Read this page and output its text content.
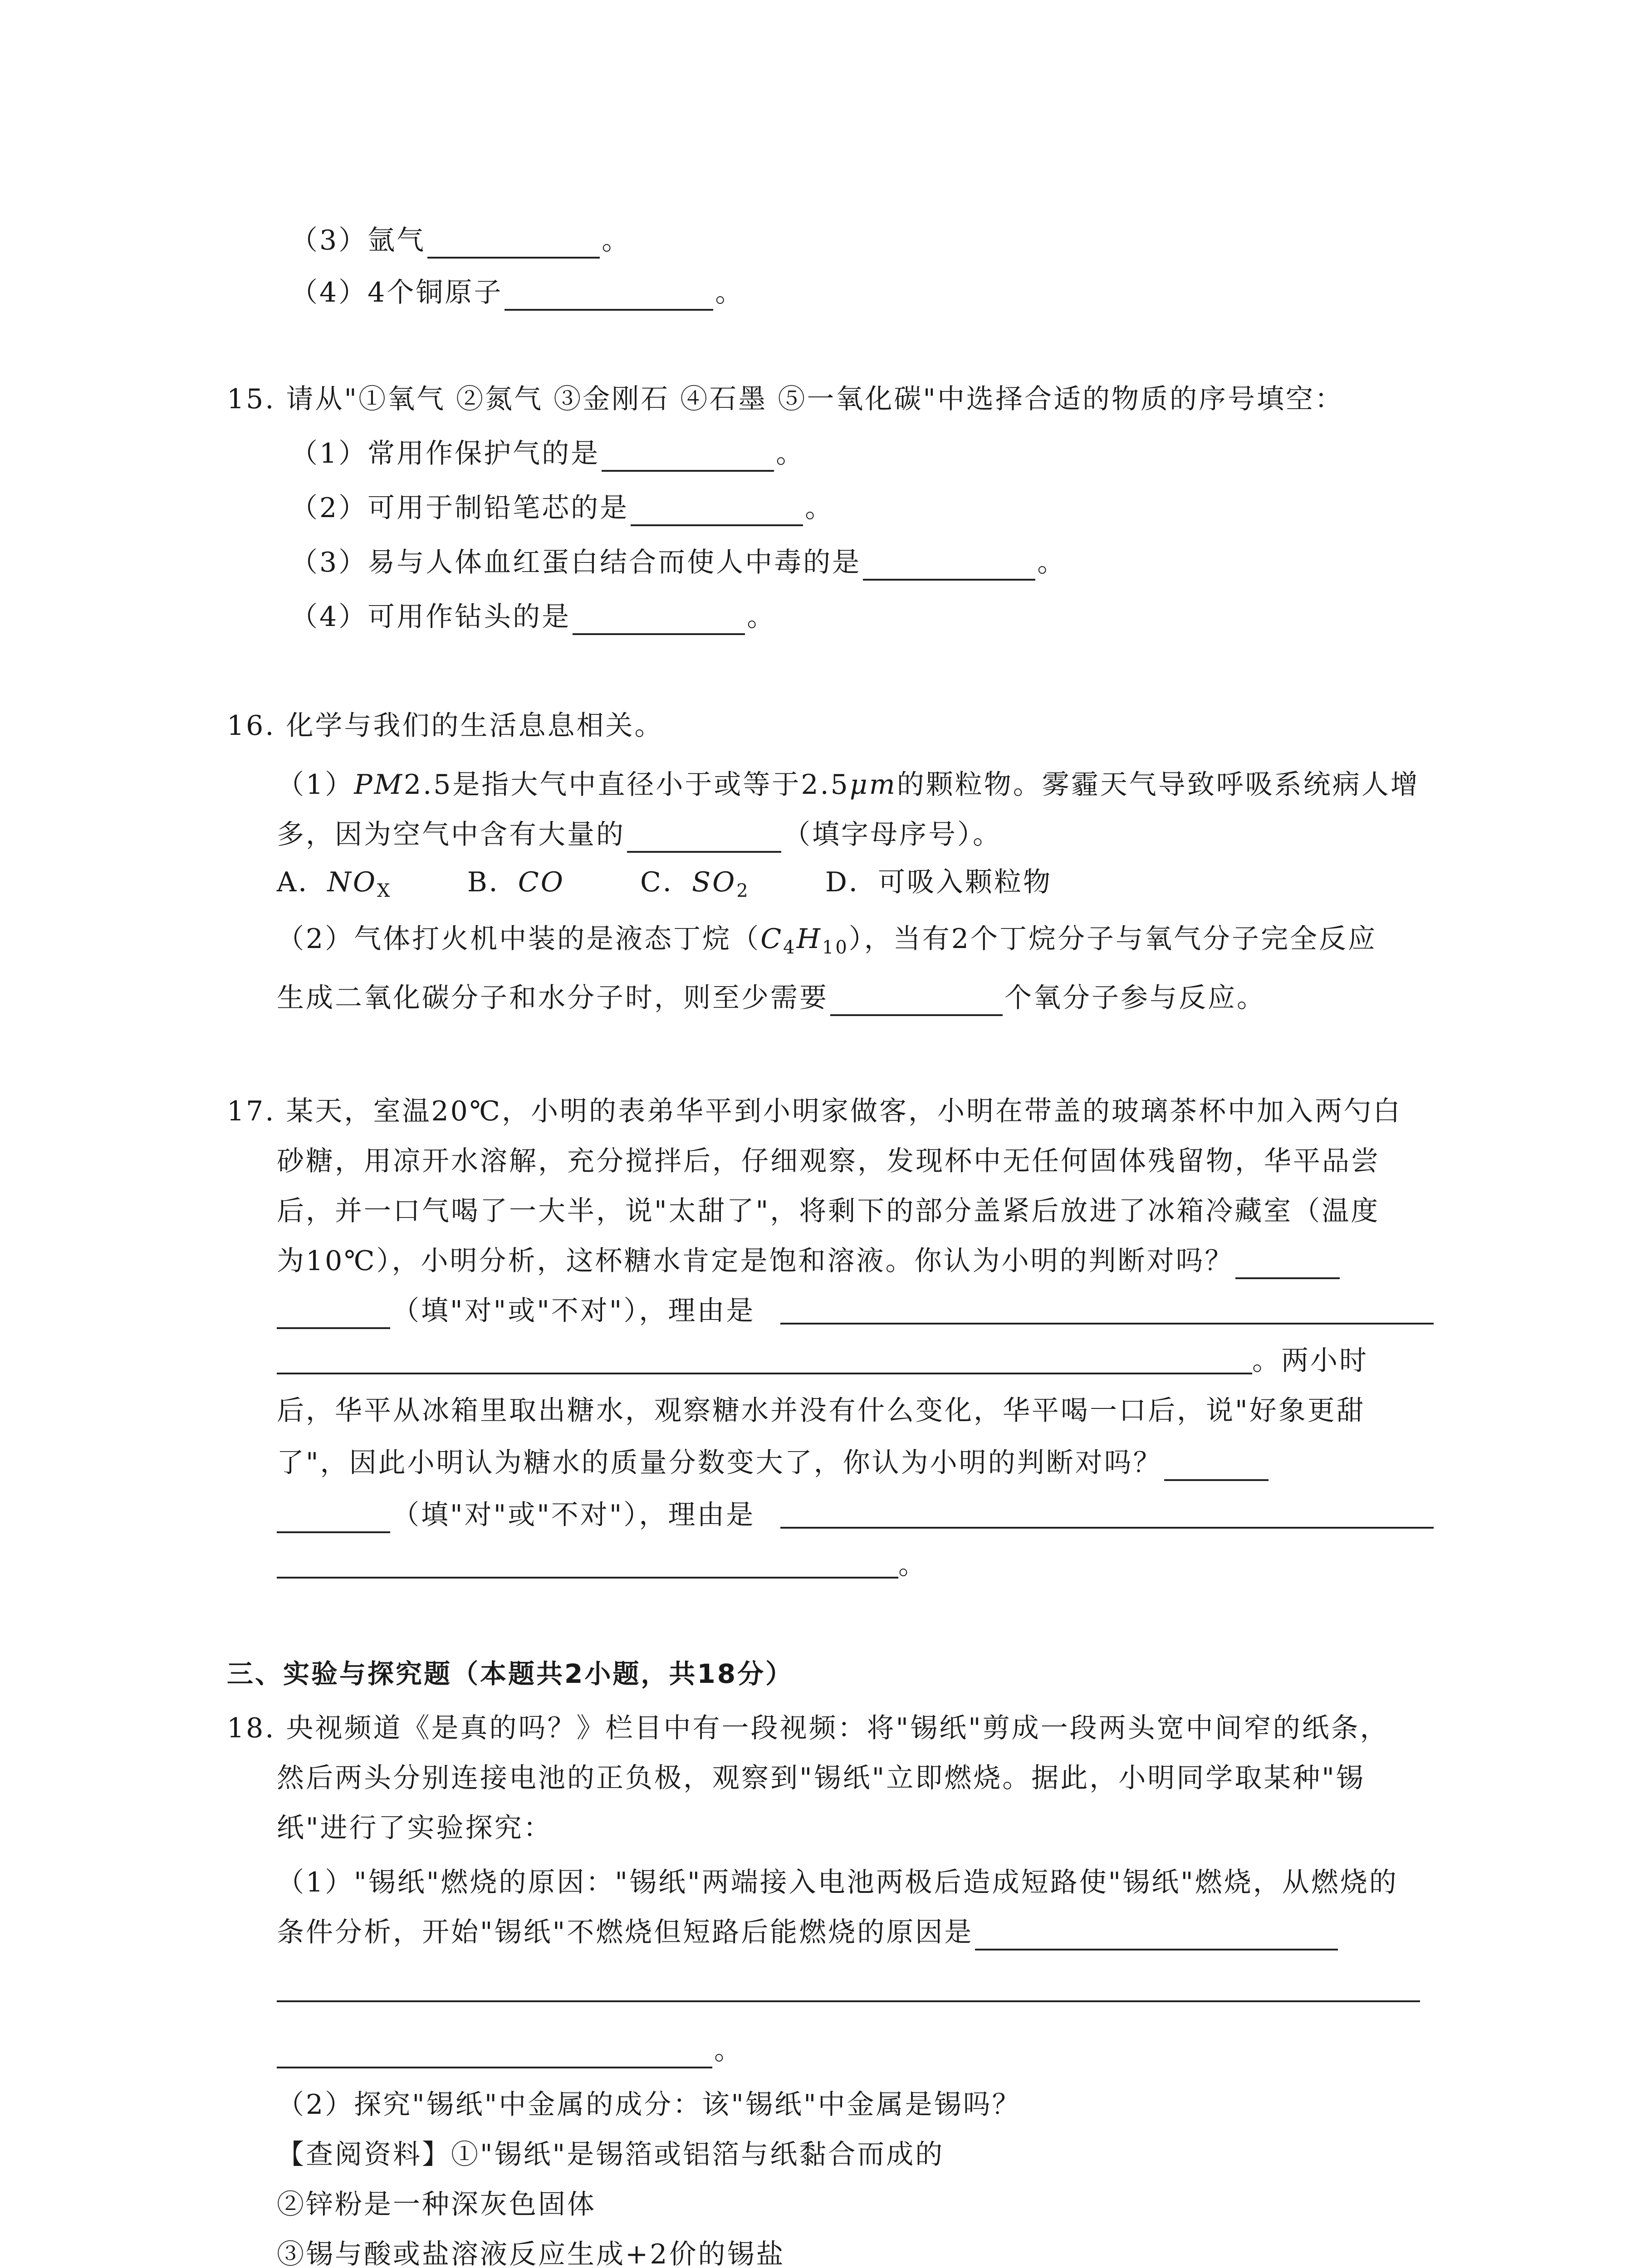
（3）氩气	。
（4）4个铜原子	。
15. 请从"①氧气 ②氮气 ③金刚石 ④石墨 ⑤一氧化碳"中选择合适的物质的序号填空：
（1）常用作保护气的是	。
（2）可用于制铅笔芯的是	。
（3）易与人体血红蛋白结合而使人中毒的是	。
（4）可用作钻头的是	。
16. 化学与我们的生活息息相关。
（1）PM2.5是指大气中直径小于或等于2.5μm的颗粒物。雾霾天气导致呼吸系统病人增
多，因为空气中含有大量的	（填字母序号）。
A．$NO_X$	B．CO	C．$SO_2$	D．可吸入颗粒物
（2）气体打火机中装的是液态丁烷$(C_4H_{10})$，当有2个丁烷分子与氧气分子完全反应
生成二氧化碳分子和水分子时，则至少需要	个氧分子参与反应。
17. 某天，室温20℃，小明的表弟华平到小明家做客，小明在带盖的玻璃茶杯中加入两勺白
砂糖，用凉开水溶解，充分搅拌后，仔细观察，发现杯中无任何固体残留物，华平品尝
后，并一口气喝了一大半，说"太甜了"，将剩下的部分盖紧后放进了冰箱冷藏室（温度
为10℃），小明分析，这杯糖水肯定是饱和溶液。你认为小明的判断对吗？
（填"对"或"不对"），理由是
。两小时
后，华平从冰箱里取出糖水，观察糖水并没有什么变化，华平喝一口后，说"好象更甜
了"，因此小明认为糖水的质量分数变大了，你认为小明的判断对吗？
（填"对"或"不对"），理由是
。
三、实验与探究题（本题共2小题，共18分）
18. 央视频道《是真的吗？》栏目中有一段视频：将"锡纸"剪成一段两头宽中间窄的纸条，
然后两头分别连接电池的正负极，观察到"锡纸"立即燃烧。据此，小明同学取某种"锡
纸"进行了实验探究：
（1）"锡纸"燃烧的原因："锡纸"两端接入电池两极后造成短路使"锡纸"燃烧，从燃烧的
条件分析，开始"锡纸"不燃烧但短路后能燃烧的原因是
。
（2）探究"锡纸"中金属的成分：该"锡纸"中金属是锡吗？
【查阅资料】①"锡纸"是锡箔或铝箔与纸黏合而成的
②锌粉是一种深灰色固体
③锡与酸或盐溶液反应生成+2价的锡盐
